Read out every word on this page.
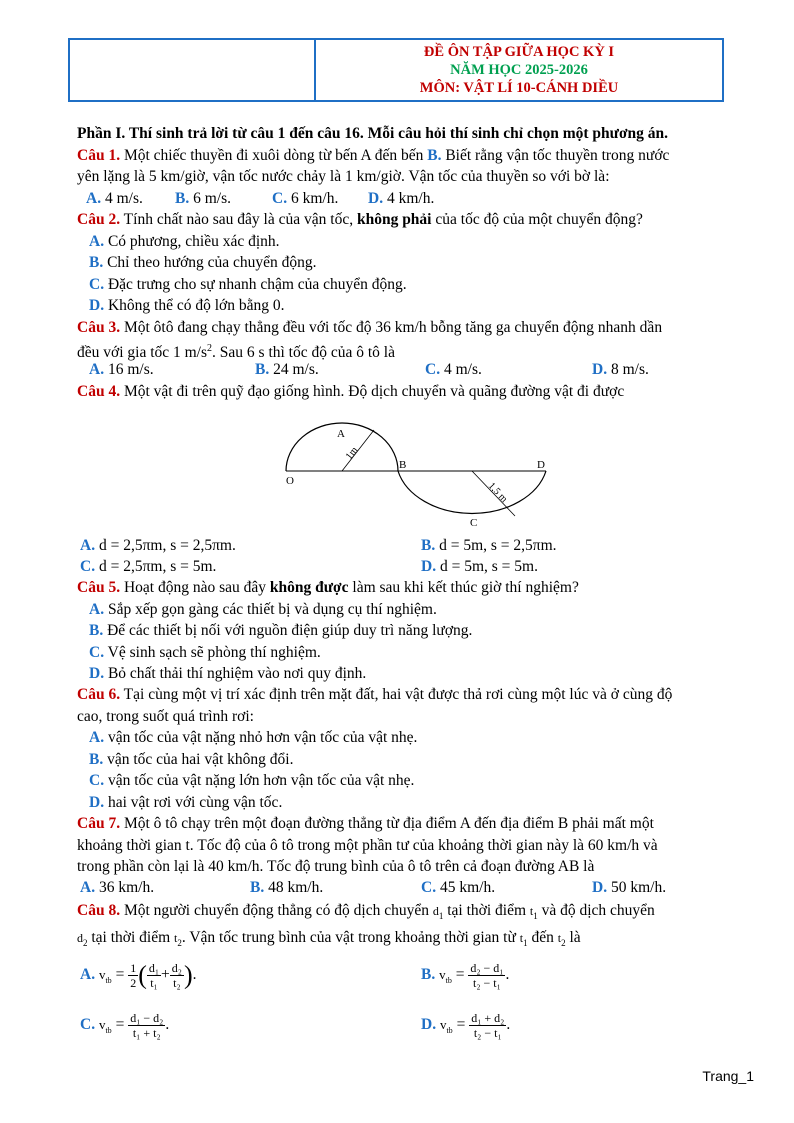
ĐỀ ÔN TẬP GIỮA HỌC KỲ I
NĂM HỌC 2025-2026
MÔN: VẬT LÍ 10-CÁNH DIỀU
Phần I. Thí sinh trả lời từ câu 1 đến câu 16. Mỗi câu hỏi thí sinh chỉ chọn một phương án.
Câu 1. Một chiếc thuyền đi xuôi dòng từ bến A đến bến B. Biết rằng vận tốc thuyền trong nước
yên lặng là 5 km/giờ, vận tốc nước chảy là 1 km/giờ. Vận tốc của thuyền so với bờ là:
A. 4 m/s. B. 6 m/s.	C. 6 km/h. D. 4 km/h.
Câu 2. Tính chất nào sau đây là của vận tốc, không phải của tốc độ của một chuyển động?
A. Có phương, chiều xác định.
B. Chỉ theo hướng của chuyển động.
C. Đặc trưng cho sự nhanh chậm của chuyển động.
D. Không thể có độ lớn bằng 0.
Câu 3. Một ôtô đang chạy thẳng đều với tốc độ 36 km/h bỗng tăng ga chuyển động nhanh dần
đều với gia tốc 1 $m/s^2$. Sau 6 s thì tốc độ của ô tô là
A. 16 m/s.	B. 24 m/s.	C. 4 m/s.	D. 8 m/s.
Câu 4. Một vật đi trên quỹ đạo giống hình. Độ dịch chuyển và quãng đường vật đi được
A
B
C
D
O
1m
1,5 m
A. d = 2,5πm, s = 2,5πm.	B. d = 5m, s = 2,5πm.
C. d = 2,5πm, s = 5m.	D. d = 5m, s = 5m.
Câu 5. Hoạt động nào sau đây không được làm sau khi kết thúc giờ thí nghiệm?
A. Sắp xếp gọn gàng các thiết bị và dụng cụ thí nghiệm.
B. Để các thiết bị nối với nguồn điện giúp duy trì năng lượng.
C. Vệ sinh sạch sẽ phòng thí nghiệm.
D. Bỏ chất thải thí nghiệm vào nơi quy định.
Câu 6. Tại cùng một vị trí xác định trên mặt đất, hai vật được thả rơi cùng một lúc và ở cùng độ
cao, trong suốt quá trình rơi:
A. vận tốc của vật nặng nhỏ hơn vận tốc của vật nhẹ.
B. vận tốc của hai vật không đổi.
C. vận tốc của vật nặng lớn hơn vận tốc của vật nhẹ.
D. hai vật rơi với cùng vận tốc.
Câu 7. Một ô tô chạy trên một đoạn đường thẳng từ địa điểm A đến địa điểm B phải mất một
khoảng thời gian t. Tốc độ của ô tô trong một phần tư của khoảng thời gian này là 60 km/h và
trong phần còn lại là 40 km/h. Tốc độ trung bình của ô tô trên cả đoạn đường AB là
A. 36 km/h.	B. 48 km/h.	C. 45 km/h.	D. 50 km/h.
Câu 8. Một người chuyển động thẳng có độ dịch chuyển $d_1$ tại thời điểm $t_1$ và độ dịch chuyển
$d_2$ tại thời điểm $t_2$. Vận tốc trung bình của vật trong khoảng thời gian từ $t_1$ đến $t_2$ là
A. $v_{tb} = \frac{1}{2}$ ( $\frac{\text{d₁}}{\text{t₁}} + \frac{\text{d₂}}{\text{t₂}}$ ).	B. $v_{tb} = \frac{\text{d₂ − d₁}}{\text{t₂ − t₁}}$ .
C. $v_{tb} = \frac{\text{d₁ − d₂}}{\text{t₁ + t₂}}$ .	D. $v_{tb} = \frac{\text{d₁ + d₂}}{\text{t₂ − t₁}}$ .
Trang_1
